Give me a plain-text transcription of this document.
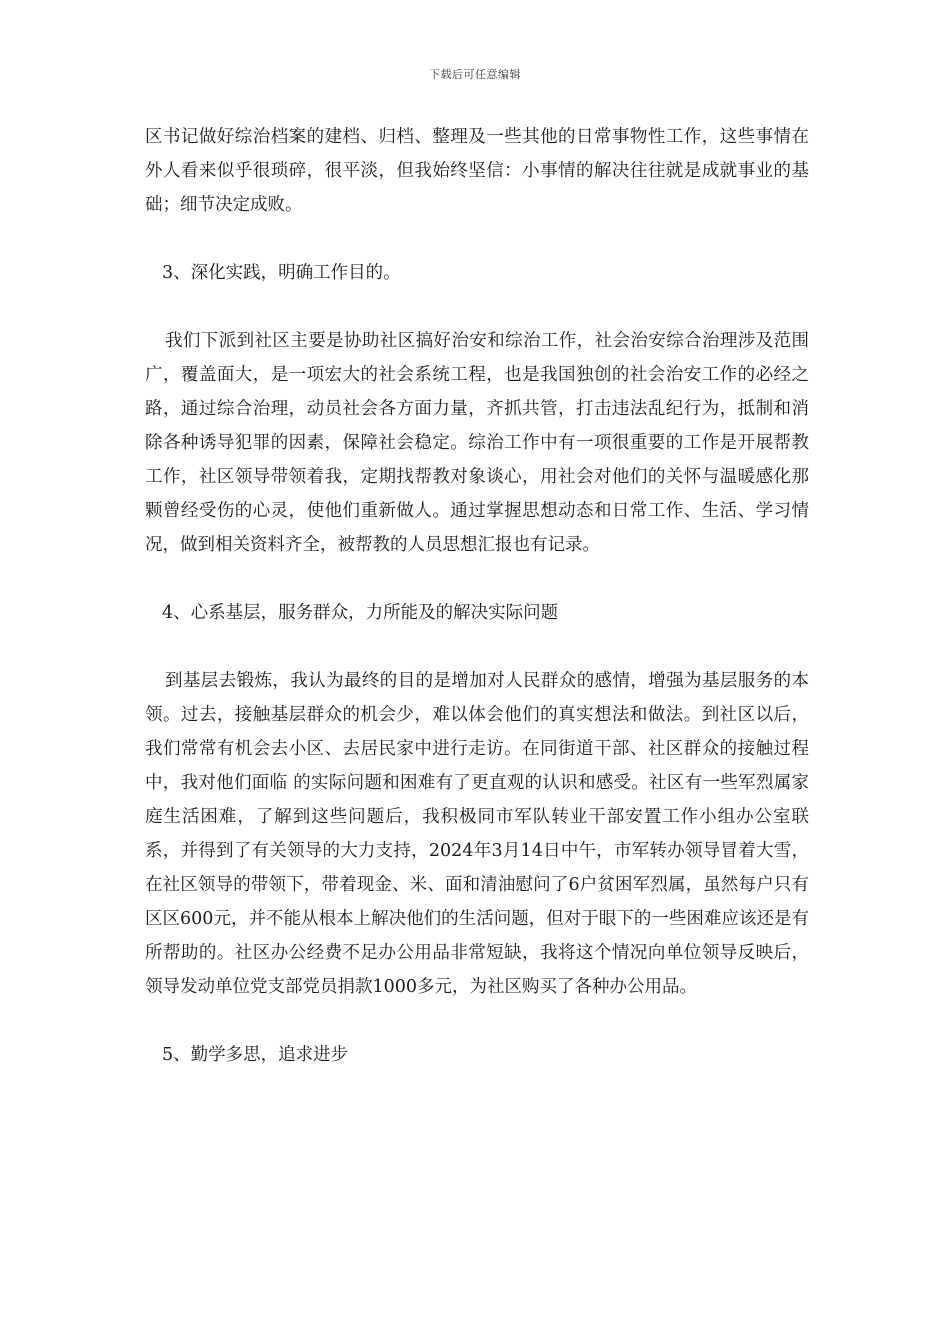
下载后可任意编辑

区书记做好综治档案的建档、归档、整理及一些其他的日常事物性工作，这些事情在外人看来似乎很琐碎，很平淡，但我始终坚信：小事情的解决往往就是成就事业的基础；细节决定成败。

3、深化实践，明确工作目的。

我们下派到社区主要是协助社区搞好治安和综治工作，社会治安综合治理涉及范围广，覆盖面大，是一项宏大的社会系统工程，也是我国独创的社会治安工作的必经之路，通过综合治理，动员社会各方面力量，齐抓共管，打击违法乱纪行为，抵制和消除各种诱导犯罪的因素，保障社会稳定。综治工作中有一项很重要的工作是开展帮教工作，社区领导带领着我，定期找帮教对象谈心，用社会对他们的关怀与温暖感化那颗曾经受伤的心灵，使他们重新做人。通过掌握思想动态和日常工作、生活、学习情况，做到相关资料齐全，被帮教的人员思想汇报也有记录。

4、心系基层，服务群众，力所能及的解决实际问题

到基层去锻炼，我认为最终的目的是增加对人民群众的感情，增强为基层服务的本领。过去，接触基层群众的机会少，难以体会他们的真实想法和做法。到社区以后，我们常常有机会去小区、去居民家中进行走访。在同街道干部、社区群众的接触过程中，我对他们面临 的实际问题和困难有了更直观的认识和感受。社区有一些军烈属家庭生活困难，了解到这些问题后，我积极同市军队转业干部安置工作小组办公室联系，并得到了有关领导的大力支持，2024年3月14日中午，市军转办领导冒着大雪，在社区领导的带领下，带着现金、米、面和清油慰问了6户贫困军烈属，虽然每户只有区区600元，并不能从根本上解决他们的生活问题，但对于眼下的一些困难应该还是有所帮助的。社区办公经费不足办公用品非常短缺，我将这个情况向单位领导反映后，领导发动单位党支部党员捐款1000多元，为社区购买了各种办公用品。

5、勤学多思，追求进步
